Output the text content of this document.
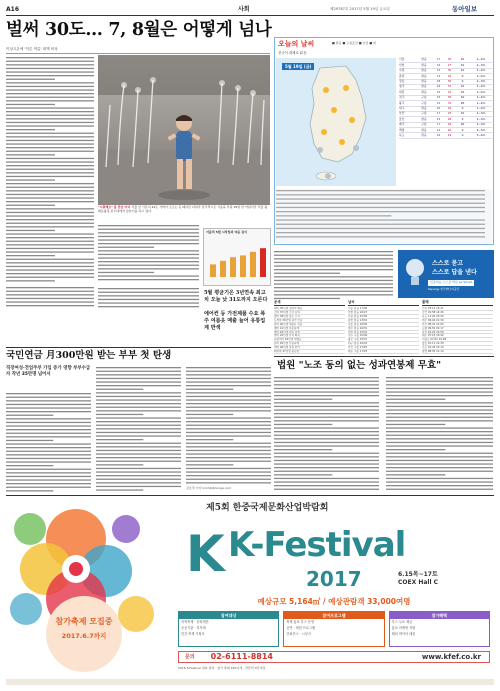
A16	사회	제29787호 2017년 5월 19일 금요일	동아일보
벌써 30도… 7, 8월은 어떻게 넘나
이상고온에 '이른 여름' 대책 비상
"시원해요" 물 만난 아이 서울 낮 기온이 29도 가까이 오르는 등 때이른 더위가 전국적으로 기승을 부린 18일 한 어린이가 서울 광화문광장 분수대에서 물놀이를 하고 있다.
서울의 5월 시작일과 여름 길이
5월 평균기온 3년연속 최고치 오늘 낮 31도까지 오른다
에어컨 등 가전제품 수요 폭주 여름옷 매출 늘어 유통업계 반색
오늘의 날씨	■ 맑음 ■ 구름조금 ■ 흐림 ■ 비
전국이 대체로 맑음.
5월 19일 (금)
서울	맑음	17	30	10	1~2m
인천	맑음	16	27	10	2~3m
수원	맑음	15	30	10	1~2m
춘천	맑음	13	32	0	1~2m
강릉	맑음	18	30	0	2~3m
청주	맑음	16	31	10	1~2m
대전	맑음	15	31	10	1~2m
전주	구름	15	30	10	1~2m
광주	구름	15	31	20	1~2m
대구	맑음	16	32	0	1~2m
부산	구름	17	25	10	2~3m
울산	맑음	15	28	0	2~3m
제주	구름	17	25	20	2~3m
백령	맑음	12	20	0	2~3m
독도	맑음	16	22	0	3~4m
스스로 묻고
스스로 답을 낸다
인공지능 스스로 바로 Le Smart
Kenergy 한국에너지공단
운세
쥐띠 36년생 뜻밖의 행운
소띠 37년생 건강 유의
범띠 38년생 좋은 소식
토끼띠 39년생 귀인 만남
용띠 40년생 재물운 상승
뱀띠 41년생 차분하게
말띠 42년생 의욕 넘침
양띠 43년생 가족 화목
원숭이띠 44년생 여행운
닭띠 45년생 신중하게
개띠 46년생 결실 얻어
돼지띠 47년생 평온함
날씨
서울 맑음 17/30
인천 맑음 16/27
수원 맑음 15/30
춘천 맑음 13/32
강릉 맑음 18/30
청주 맑음 16/31
대전 맑음 15/31
전주 구름 15/30
광주 구름 15/31
대구 맑음 16/32
부산 구름 17/25
제주 구름 17/25
물때
인천 03:12 15:41
군산 01:58 14:26
목포 11:20 23:45
여수 09:04 21:30
부산 08:41 21:05
포항 09:52 22:17
속초 10:23 22:50
제주 07:15 19:40
서귀포 07:02 19:28
울릉 10:11 22:39
진도 10:45 23:10
통영 08:55 21:19
국민연금 月300만원 받는 부부 첫 탄생
직장여성·전업주부 가입 증가 영향 부부수급자 작년 35만명 넘어서
김호경 기자 kimhk@donga.com
법원 "노조 동의 없는 성과연봉제 무효"
K
제5회 한중국제문화산업박람회
K-Festival
2017	6.15목~17토
COEX Hall C
예상규모 5,164㎡ / 예상관람객 33,000여명
참여대상
지역축제 · 문화재단
공공기관 · 지자체
민간 축제 기획사
참여프로그램
축제 홍보 부스 운영
공연 · 체험 프로그램
컨퍼런스 · 시상식
참가혜택
부스 무료 제공
홍보 마케팅 지원
해외 바이어 매칭
문의	02-6111-8814	www.kfef.co.kr
2016 K-Festival 개최 결과 · 참가 축제 120여개 · 관람객 3만여명
참가축제 모집중
2017.6.7까지
